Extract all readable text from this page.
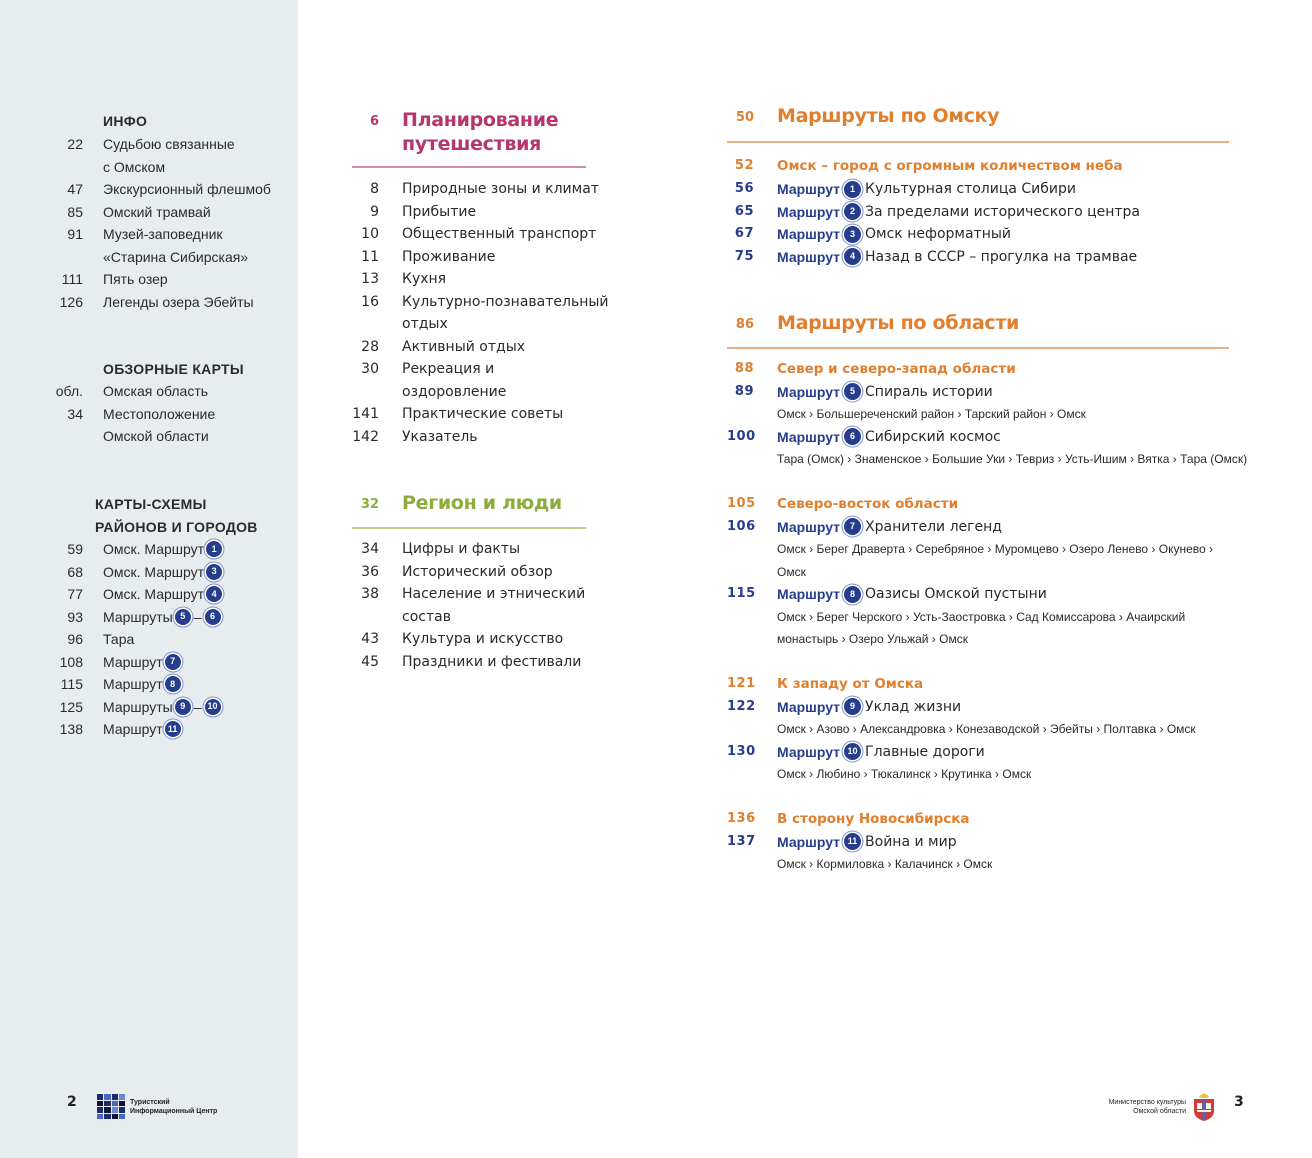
ИНФО
22 Судьбою связанные
с Омском
47 Экскурсионный флешмоб
85 Омский трамвай
91 Музей-заповедник
«Старина Сибирская»
111 Пять озер
126 Легенды озера Эбейты
ОБЗОРНЫЕ КАРТЫ
обл. Омская область
34 Местоположение
Омской области
КАРТЫ-СХЕМЫ
РАЙОНОВ И ГОРОДОВ
59 Омск. Маршрут 1
68 Омск. Маршрут 3
77 Омск. Маршрут 4
93 Маршруты 5 – 6
96 Тара
108 Маршрут 7
115 Маршрут 8
125 Маршруты 9 – 10
138 Маршрут 11
2	Туристский
Информационный Центр
6 Планирование
путешествия
8 Природные зоны и климат
9 Прибытие
10 Общественный транспорт
11 Проживание
13 Кухня
16 Культурно-познавательный
отдых
28 Активный отдых
30 Рекреация и
оздоровление
141 Практические советы
142 Указатель
32 Регион и люди
34 Цифры и факты
36 Исторический обзор
38 Население и этнический
состав
43 Культура и искусство
45 Праздники и фестивали
50 Маршруты по Омску
52 Омск – город с огромным количеством неба
56 Маршрут	1 Культурная столица Сибири
65 Маршрут	2 За пределами исторического центра
67 Маршрут	3 Омск неформатный
75 Маршрут	4 Назад в СССР – прогулка на трамвае
86 Маршруты по области
88 Север и северо-запад области
89 Маршрут	5 Спираль истории
Омск › Большереченский район › Тарский район › Омск
100 Маршрут	6 Сибирский космос
Тара (Омск) › Знаменское › Большие Уки › Тевриз › Усть-Ишим › Вятка › Тара (Омск)
105 Северо-восток области
106 Маршрут	7 Хранители легенд
Омск › Берег Драверта › Серебряное › Муромцево › Озеро Ленево › Окунево ›
Омск
115 Маршрут	8 Оазисы Омской пустыни
Омск › Берег Черского › Усть-Заостровка › Сад Комиссарова › Ачаирский
монастырь › Озеро Ульжай › Омск
121 К западу от Омска
122 Маршрут	9 Уклад жизни
Омск › Азово › Александровка › Конезаводской › Эбейты › Полтавка › Омск
130 Маршрут 10 Главные дороги
Омск › Любино › Тюкалинск › Крутинка › Омск
136 В сторону Новосибирска
137 Маршрут 11 Война и мир
Омск › Кормиловка › Калачинск › Омск
Министерство культуры
Омской области
3
